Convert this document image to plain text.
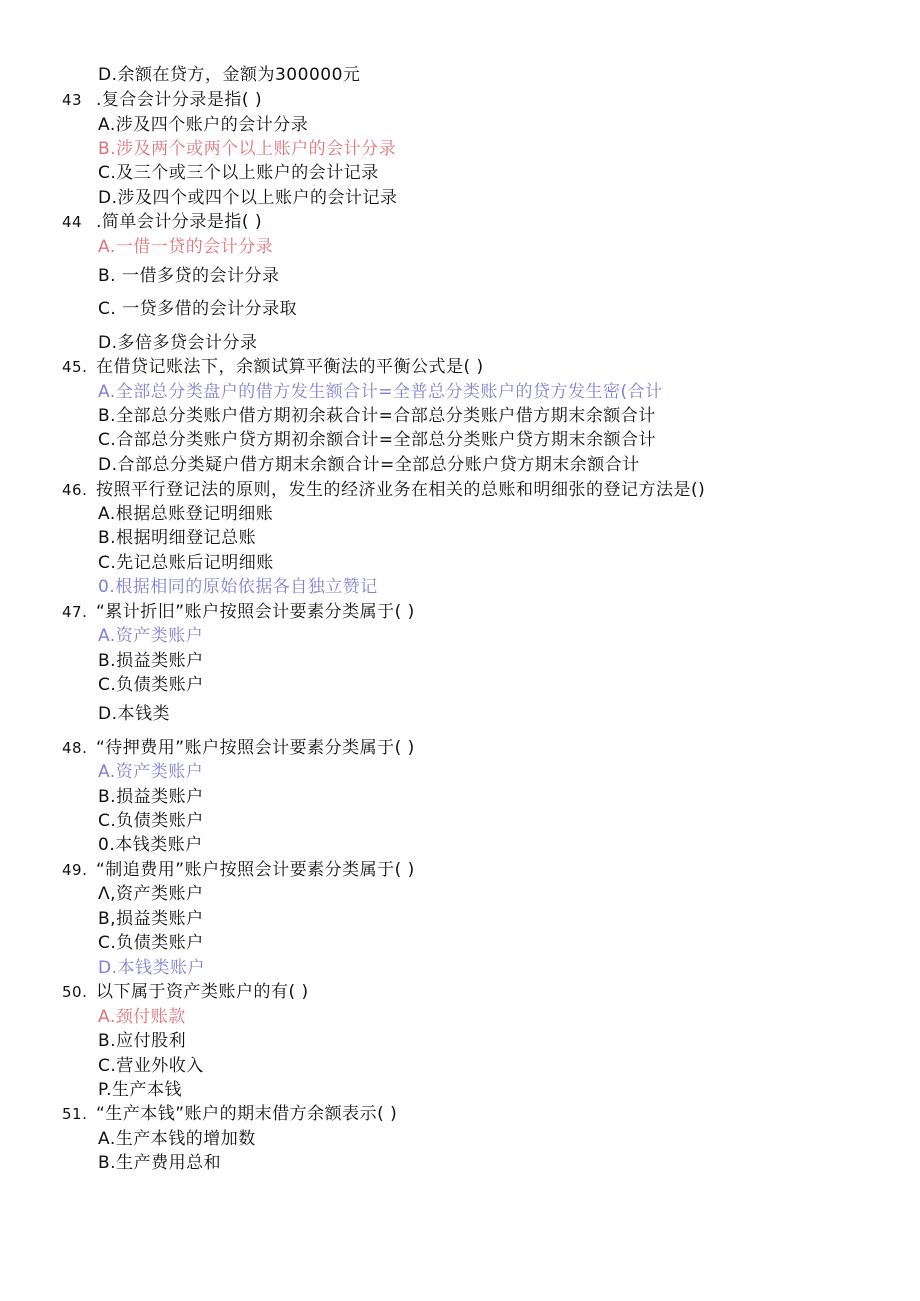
D.余额在贷方，金额为300000元
43 .复合会计分录是指( )
A.涉及四个账户的会计分录
B.涉及两个或两个以上账户的会计分录
C.及三个或三个以上账户的会计记录
D.涉及四个或四个以上账户的会计记录
44 .简单会计分录是指( )
A.一借一贷的会计分录
B. 一借多贷的会计分录
C. 一贷多借的会计分录取
D.多倍多贷会计分录
45. 在借贷记账法下，余额试算平衡法的平衡公式是( )
A.全部总分类盘户的借方发生额合计=全普总分类账户的贷方发生密(合计
B.全部总分类账户借方期初余萩合计=合部总分类账户借方期末余额合计
C.合部总分类账户贷方期初余额合计=全部总分类账户贷方期末余额合计
D.合部总分类疑户借方期末余额合计=全部总分账户贷方期末余额合计
46. 按照平行登记法的原则，发生的经济业务在相关的总账和明细张的登记方法是()
A.根据总账登记明细账
B.根据明细登记总账
C.先记总账后记明细账
0.根据相同的原始依据各自独立赞记
47. “累计折旧”账户按照会计要素分类属于( )
A.资产类账户
B.损益类账户
C.负债类账户
D.本钱类
48. “待押费用”账户按照会计要素分类属于( )
A.资产类账户
B.损益类账户
C.负债类账户
0.本钱类账户
49. “制追费用”账户按照会计要素分类属于( )
Λ,资产类账户
B,损益类账户
C.负债类账户
D.本钱类账户
50. 以下属于资产类账户的有( )
A.颈付账款
B.应付股利
C.营业外收入
P.生产本钱
51. “生产本钱”账户的期末借方余额表示( )
A.生产本钱的增加数
B.生产费用总和
